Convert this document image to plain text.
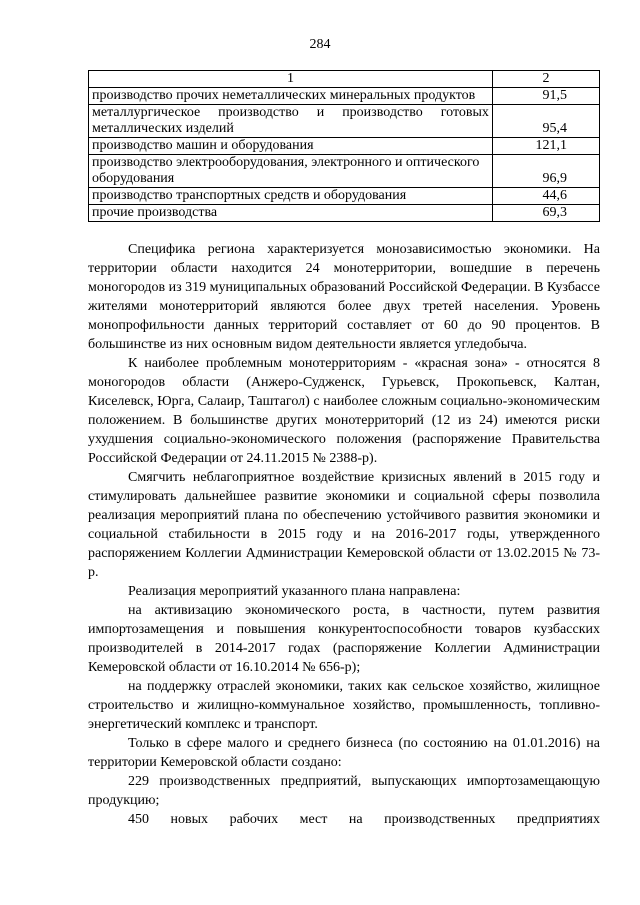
284
1	2
производство прочих неметаллических минеральных продуктов	91,5
металлургическое производство и производство готовых металлических изделий	95,4
производство машин и оборудования	121,1
производство электрооборудования, электронного и оптического оборудования	96,9
производство транспортных средств и оборудования	44,6
прочие производства	69,3

Специфика региона характеризуется монозависимостью экономики. На территории области находится 24 монотерритории, вошедшие в перечень моногородов из 319 муниципальных образований Российской Федерации. В Кузбассе жителями монотерриторий являются более двух третей населения. Уровень монопрофильности данных территорий составляет от 60 до 90 процентов. В большинстве из них основным видом деятельности является угледобыча.

К наиболее проблемным монотерриториям - «красная зона» - относятся 8 моногородов области (Анжеро-Судженск, Гурьевск, Прокопьевск, Калтан, Киселевск, Юрга, Салаир, Таштагол) с наиболее сложным социально-экономическим положением. В большинстве других монотерриторий (12 из 24) имеются риски ухудшения социально-экономического положения (распоряжение Правительства Российской Федерации от 24.11.2015 № 2388-р).

Смягчить неблагоприятное воздействие кризисных явлений в 2015 году и стимулировать дальнейшее развитие экономики и социальной сферы позволила реализация мероприятий плана по обеспечению устойчивого развития экономики и социальной стабильности в 2015 году и на 2016-2017 годы, утвержденного распоряжением Коллегии Администрации Кемеровской области от 13.02.2015 № 73-р.

Реализация мероприятий указанного плана направлена:

на активизацию экономического роста, в частности, путем развития импортозамещения и повышения конкурентоспособности товаров кузбасских производителей в 2014-2017 годах (распоряжение Коллегии Администрации Кемеровской области от 16.10.2014 № 656-р);

на поддержку отраслей экономики, таких как сельское хозяйство, жилищное строительство и жилищно-коммунальное хозяйство, промышленность, топливно-энергетический комплекс и транспорт.

Только в сфере малого и среднего бизнеса (по состоянию на 01.01.2016) на территории Кемеровской области создано:

229 производственных предприятий, выпускающих импортозамещающую продукцию;

450 новых рабочих мест на производственных предприятиях
